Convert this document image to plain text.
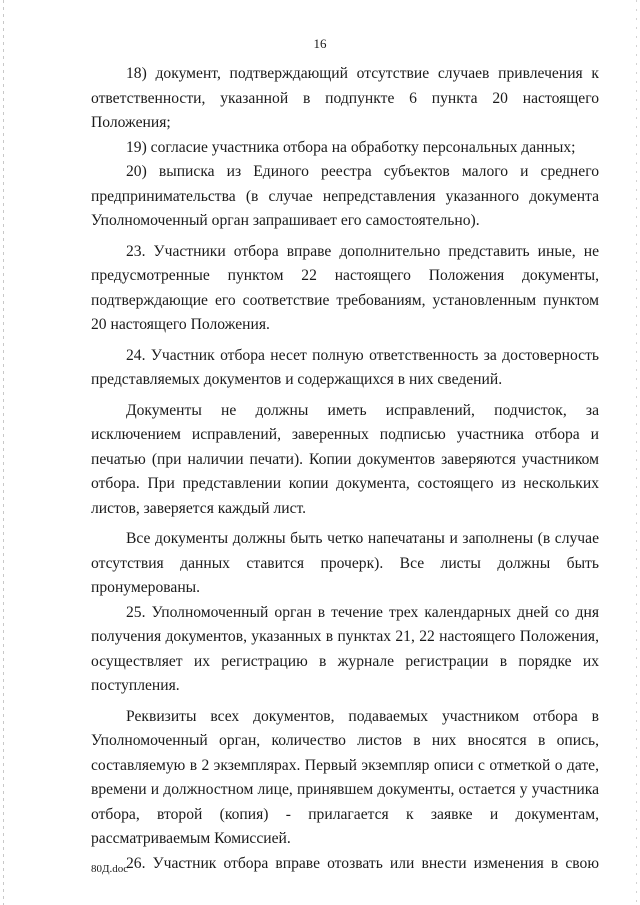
16

18) документ, подтверждающий отсутствие случаев привлечения к ответственности, указанной в подпункте 6 пункта 20 настоящего Положения;

19) согласие участника отбора на обработку персональных данных;

20) выписка из Единого реестра субъектов малого и среднего предпринимательства (в случае непредставления указанного документа Уполномоченный орган запрашивает его самостоятельно).

23. Участники отбора вправе дополнительно представить иные, не предусмотренные пунктом 22 настоящего Положения документы, подтверждающие его соответствие требованиям, установленным пунктом 20 настоящего Положения.

24. Участник отбора несет полную ответственность за достоверность представляемых документов и содержащихся в них сведений.

Документы не должны иметь исправлений, подчисток, за исключением исправлений, заверенных подписью участника отбора и печатью (при наличии печати). Копии документов заверяются участником отбора. При представлении копии документа, состоящего из нескольких листов, заверяется каждый лист.

Все документы должны быть четко напечатаны и заполнены (в случае отсутствия данных ставится прочерк). Все листы должны быть пронумерованы.

25. Уполномоченный орган в течение трех календарных дней со дня получения документов, указанных в пунктах 21, 22 настоящего Положения, осуществляет их регистрацию в журнале регистрации в порядке их поступления.

Реквизиты всех документов, подаваемых участником отбора в Уполномоченный орган, количество листов в них вносятся в опись, составляемую в 2 экземплярах. Первый экземпляр описи с отметкой о дате, времени и должностном лице, принявшем документы, остается у участника отбора, второй (копия) - прилагается к заявке и документам, рассматриваемым Комиссией.

26. Участник отбора вправе отозвать или внести изменения в свою

80Д.doc
